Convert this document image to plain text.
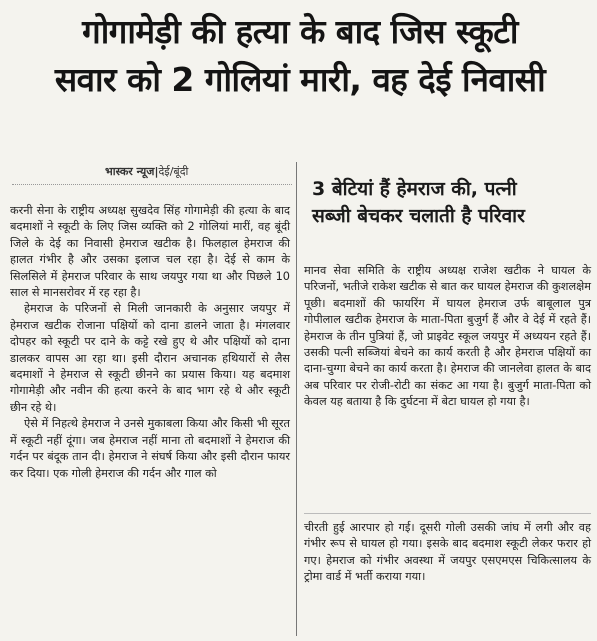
गोगामेड़ी की हत्या के बाद जिस स्कूटी
सवार को 2 गोलियां मारी, वह देई निवासी
भास्कर न्यूज|देई/बूंदी

करनी सेना के राष्ट्रीय अध्यक्ष सुखदेव सिंह गोगामेड़ी की हत्या के बाद बदमाशों ने स्कूटी के लिए जिस व्यक्ति को 2 गोलियां मारीं, वह बूंदी जिले के देई का निवासी हेमराज खटीक है। फिलहाल हेमराज की हालत गंभीर है और उसका इलाज चल रहा है। देई से काम के सिलसिले में हेमराज परिवार के साथ जयपुर गया था और पिछले 10 साल से मानसरोवर में रह रहा है।

हेमराज के परिजनों से मिली जानकारी के अनुसार जयपुर में हेमराज खटीक रोजाना पक्षियों को दाना डालने जाता है। मंगलवार दोपहर को स्कूटी पर दाने के कट्टे रखे हुए थे और पक्षियों को दाना डालकर वापस आ रहा था। इसी दौरान अचानक हथियारों से लैस बदमाशों ने हेमराज से स्कूटी छीनने का प्रयास किया। यह बदमाश गोगामेड़ी और नवीन की हत्या करने के बाद भाग रहे थे और स्कूटी छीन रहे थे।

ऐसे में निहत्थे हेमराज ने उनसे मुकाबला किया और किसी भी सूरत में स्कूटी नहीं दूंगा। जब हेमराज नहीं माना तो बदमाशों ने हेमराज की गर्दन पर बंदूक तान दी। हेमराज ने संघर्ष किया और इसी दौरान फायर कर दिया। एक गोली हेमराज की गर्दन और गाल को

3 बेटियां हैं हेमराज की, पत्नी
सब्जी बेचकर चलाती है परिवार

मानव सेवा समिति के राष्ट्रीय अध्यक्ष राजेश खटीक ने घायल के परिजनों, भतीजे राकेश खटीक से बात कर घायल हेमराज की कुशलक्षेम पूछी। बदमाशों की फायरिंग में घायल हेमराज उर्फ बाबूलाल पुत्र गोपीलाल खटीक हेमराज के माता-पिता बुजुर्ग हैं और वे देई में रहते हैं। हेमराज के तीन पुत्रियां हैं, जो प्राइवेट स्कूल जयपुर में अध्ययन रहते हैं। उसकी पत्नी सब्जियां बेचने का कार्य करती है और हेमराज पक्षियों का दाना-चुग्गा बेचने का कार्य करता है। हेमराज की जानलेवा हालत के बाद अब परिवार पर रोजी-रोटी का संकट आ गया है। बुजुर्ग माता-पिता को केवल यह बताया है कि दुर्घटना में बेटा घायल हो गया है।

चीरती हुई आरपार हो गई। दूसरी गोली उसकी जांघ में लगी और वह गंभीर रूप से घायल हो गया। इसके बाद बदमाश स्कूटी लेकर फरार हो गए। हेमराज को गंभीर अवस्था में जयपुर एसएमएस चिकित्सालय के ट्रोमा वार्ड में भर्ती कराया गया।
